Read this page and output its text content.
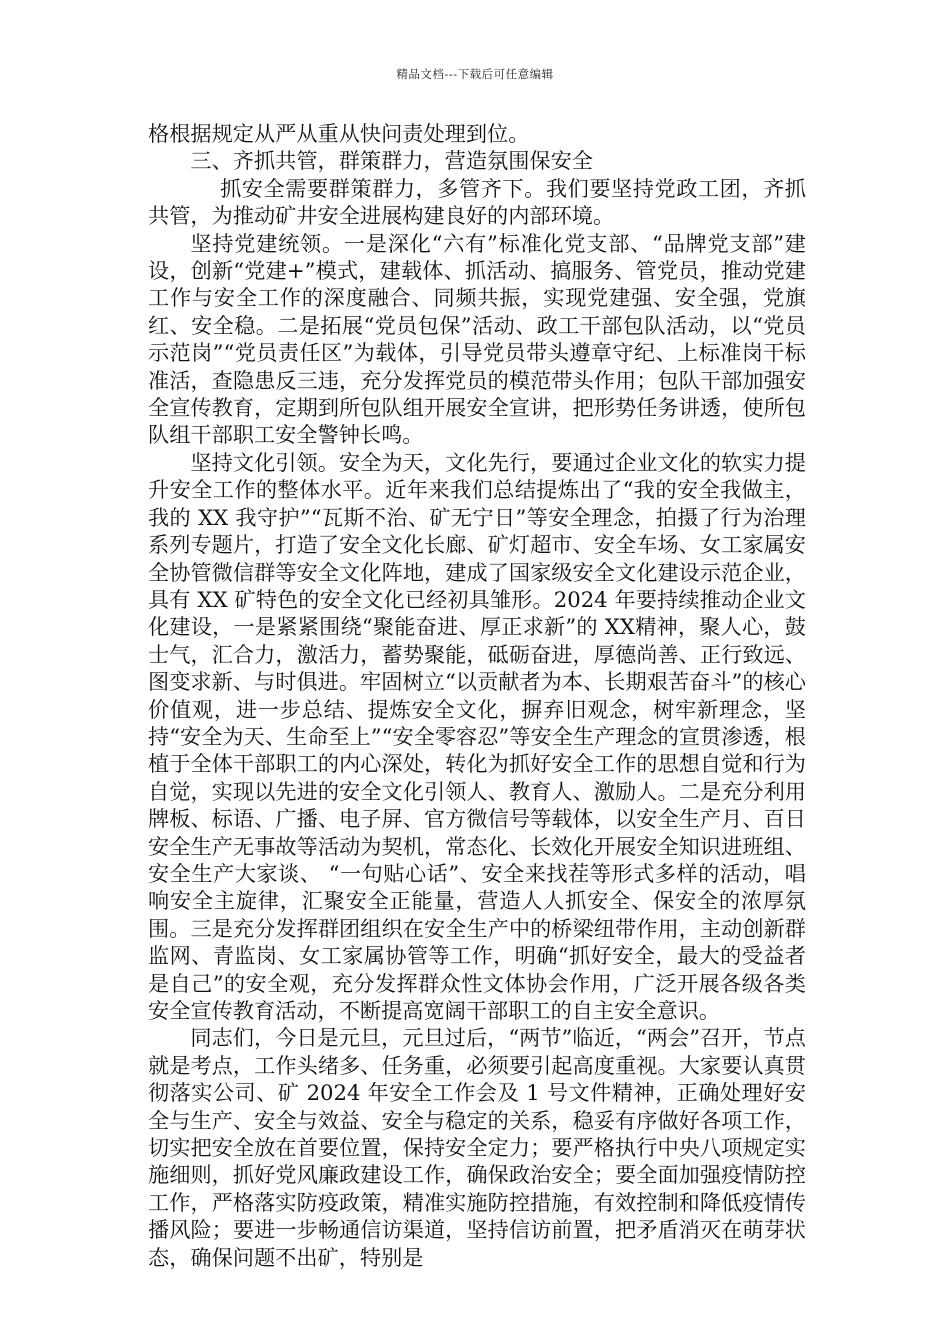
精品文档---下载后可任意编辑

格根据规定从严从重从快问责处理到位。

三、齐抓共管，群策群力，营造氛围保安全

抓安全需要群策群力，多管齐下。我们要坚持党政工团，齐抓共管，为推动矿井安全进展构建良好的内部环境。

坚持党建统领。一是深化“六有”标准化党支部、“品牌党支部”建设，创新“党建+”模式，建载体、抓活动、搞服务、管党员，推动党建工作与安全工作的深度融合、同频共振，实现党建强、安全强，党旗红、安全稳。二是拓展“党员包保”活动、政工干部包队活动，以“党员示范岗”“党员责任区”为载体，引导党员带头遵章守纪、上标准岗干标准活，查隐患反三违，充分发挥党员的模范带头作用；包队干部加强安全宣传教育，定期到所包队组开展安全宣讲，把形势任务讲透，使所包队组干部职工安全警钟长鸣。

坚持文化引领。安全为天，文化先行，要通过企业文化的软实力提升安全工作的整体水平。近年来我们总结提炼出了“我的安全我做主，我的 XX 我守护”“瓦斯不治、矿无宁日”等安全理念，拍摄了行为治理系列专题片，打造了安全文化长廊、矿灯超市、安全车场、女工家属安全协管微信群等安全文化阵地，建成了国家级安全文化建设示范企业，具有 XX 矿特色的安全文化已经初具雏形。2024 年要持续推动企业文化建设，一是紧紧围绕“聚能奋进、厚正求新”的 XX精神，聚人心，鼓士气，汇合力，激活力，蓄势聚能，砥砺奋进，厚德尚善、正行致远、图变求新、与时俱进。牢固树立“以贡献者为本、长期艰苦奋斗”的核心价值观，进一步总结、提炼安全文化，摒弃旧观念，树牢新理念，坚持“安全为天、生命至上”“安全零容忍”等安全生产理念的宣贯渗透，根植于全体干部职工的内心深处，转化为抓好安全工作的思想自觉和行为自觉，实现以先进的安全文化引领人、教育人、激励人。二是充分利用牌板、标语、广播、电子屏、官方微信号等载体，以安全生产月、百日安全生产无事故等活动为契机，常态化、长效化开展安全知识进班组、安全生产大家谈、 “一句贴心话”、安全来找茬等形式多样的活动，唱响安全主旋律，汇聚安全正能量，营造人人抓安全、保安全的浓厚氛围。三是充分发挥群团组织在安全生产中的桥梁纽带作用，主动创新群监网、青监岗、女工家属协管等工作，明确“抓好安全，最大的受益者是自己”的安全观，充分发挥群众性文体协会作用，广泛开展各级各类安全宣传教育活动，不断提高宽阔干部职工的自主安全意识。

同志们，今日是元旦，元旦过后，“两节”临近，“两会”召开，节点就是考点，工作头绪多、任务重，必须要引起高度重视。大家要认真贯彻落实公司、矿 2024 年安全工作会及 1 号文件精神，正确处理好安全与生产、安全与效益、安全与稳定的关系，稳妥有序做好各项工作，切实把安全放在首要位置，保持安全定力；要严格执行中央八项规定实施细则，抓好党风廉政建设工作，确保政治安全；要全面加强疫情防控工作，严格落实防疫政策，精准实施防控措施，有效控制和降低疫情传播风险；要进一步畅通信访渠道，坚持信访前置，把矛盾消灭在萌芽状态，确保问题不出矿，特别是
